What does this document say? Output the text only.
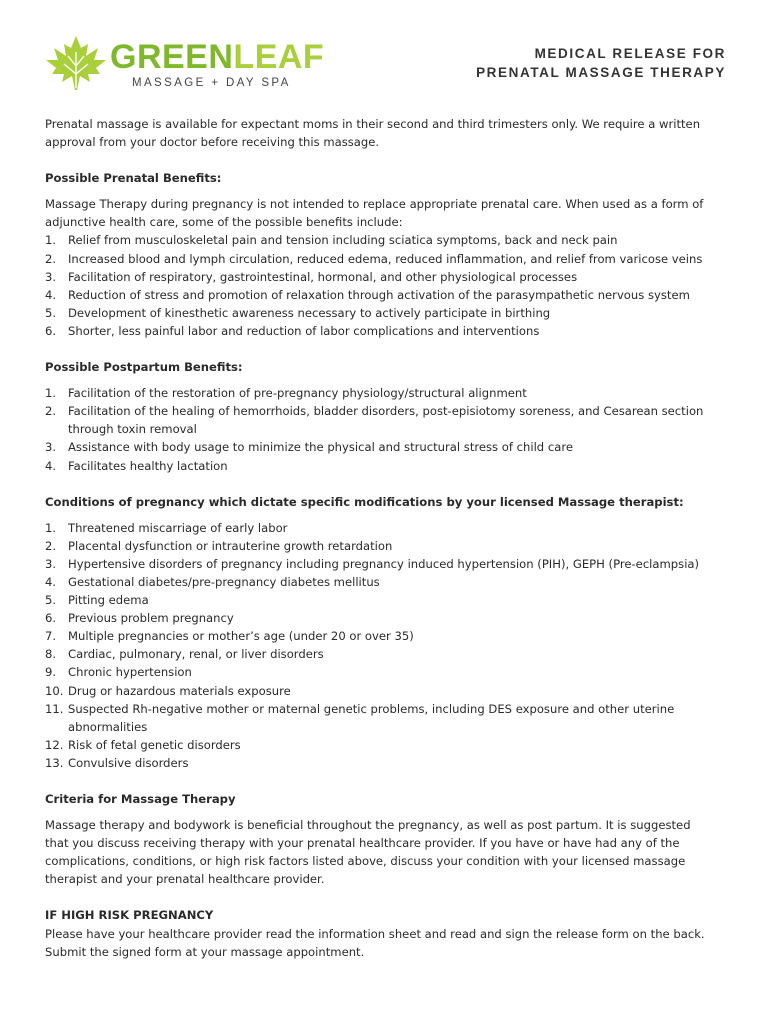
GREENLEAF
MASSAGE + DAY SPA
MEDICAL RELEASE FOR
PRENATAL MASSAGE THERAPY

Prenatal massage is available for expectant moms in their second and third trimesters only. We require a written approval from your doctor before receiving this massage.

Possible Prenatal Benefits:

Massage Therapy during pregnancy is not intended to replace appropriate prenatal care. When used as a form of adjunctive health care, some of the possible benefits include:

1.	Relief from musculoskeletal pain and tension including sciatica symptoms, back and neck pain
2.	Increased blood and lymph circulation, reduced edema, reduced inflammation, and relief from varicose veins
3.	Facilitation of respiratory, gastrointestinal, hormonal, and other physiological processes
4.	Reduction of stress and promotion of relaxation through activation of the parasympathetic nervous system
5.	Development of kinesthetic awareness necessary to actively participate in birthing
6.	Shorter, less painful labor and reduction of labor complications and interventions

Possible Postpartum Benefits:

1.	Facilitation of the restoration of pre-pregnancy physiology/structural alignment
2.	Facilitation of the healing of hemorrhoids, bladder disorders, post-episiotomy soreness, and Cesarean section through toxin removal
3.	Assistance with body usage to minimize the physical and structural stress of child care
4.	Facilitates healthy lactation

Conditions of pregnancy which dictate specific modifications by your licensed Massage therapist:

1.	Threatened miscarriage of early labor
2.	Placental dysfunction or intrauterine growth retardation
3.	Hypertensive disorders of pregnancy including pregnancy induced hypertension (PIH), GEPH (Pre-eclampsia)
4.	Gestational diabetes/pre-pregnancy diabetes mellitus
5.	Pitting edema
6.	Previous problem pregnancy
7.	Multiple pregnancies or mother’s age (under 20 or over 35)
8.	Cardiac, pulmonary, renal, or liver disorders
9.	Chronic hypertension
10. Drug or hazardous materials exposure
11. Suspected Rh-negative mother or maternal genetic problems, including DES exposure and other uterine abnormalities
12. Risk of fetal genetic disorders
13. Convulsive disorders

Criteria for Massage Therapy

Massage therapy and bodywork is beneficial throughout the pregnancy, as well as post partum. It is suggested that you discuss receiving therapy with your prenatal healthcare provider. If you have or have had any of the complications, conditions, or high risk factors listed above, discuss your condition with your licensed massage therapist and your prenatal healthcare provider.

IF HIGH RISK PREGNANCY

Please have your healthcare provider read the information sheet and read and sign the release form on the back. Submit the signed form at your massage appointment.
